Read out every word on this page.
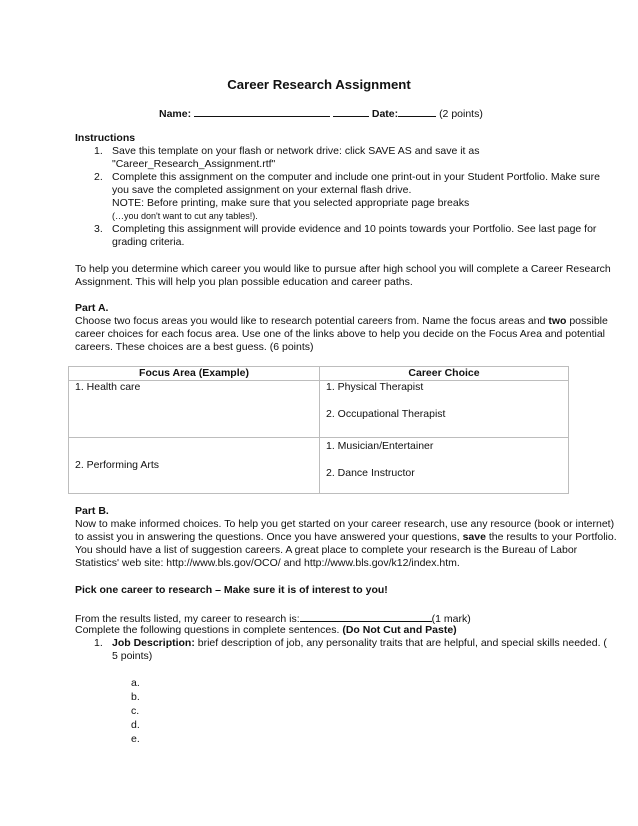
Career Research Assignment
Name:	Date:	(2 points)
Instructions
1. Save this template on your flash or network drive: click SAVE AS and save it as
"Career_Research_Assignment.rtf"
2. Complete this assignment on the computer and include one print-out in your Student Portfolio. Make sure
you save the completed assignment on your external flash drive.
NOTE: Before printing, make sure that you selected appropriate page breaks
(…you don't want to cut any tables!).
3. Completing this assignment will provide evidence and 10 points towards your Portfolio. See last page for
grading criteria.
To help you determine which career you would like to pursue after high school you will complete a Career Research
Assignment. This will help you plan possible education and career paths.
Part A.
Choose two focus areas you would like to research potential careers from. Name the focus areas and two possible
career choices for each focus area. Use one of the links above to help you decide on the Focus Area and potential
careers. These choices are a best guess. (6 points)
Focus Area (Example)	Career Choice
1. Health care	1. Physical Therapist
2. Occupational Therapist

2. Performing Arts	1. Musician/Entertainer
2. Dance Instructor
Part B.
Now to make informed choices. To help you get started on your career research, use any resource (book or internet)
to assist you in answering the questions. Once you have answered your questions, save the results to your Portfolio.
You should have a list of suggestion careers. A great place to complete your research is the Bureau of Labor
Statistics' web site: http://www.bls.gov/OCO/ and http://www.bls.gov/k12/index.htm.
Pick one career to research – Make sure it is of interest to you!
From the results listed, my career to research is:	(1 mark)
Complete the following questions in complete sentences. (Do Not Cut and Paste)
1. Job Description: brief description of job, any personality traits that are helpful, and special skills needed. (
5 points)
a.
b.
c.
d.
e.
